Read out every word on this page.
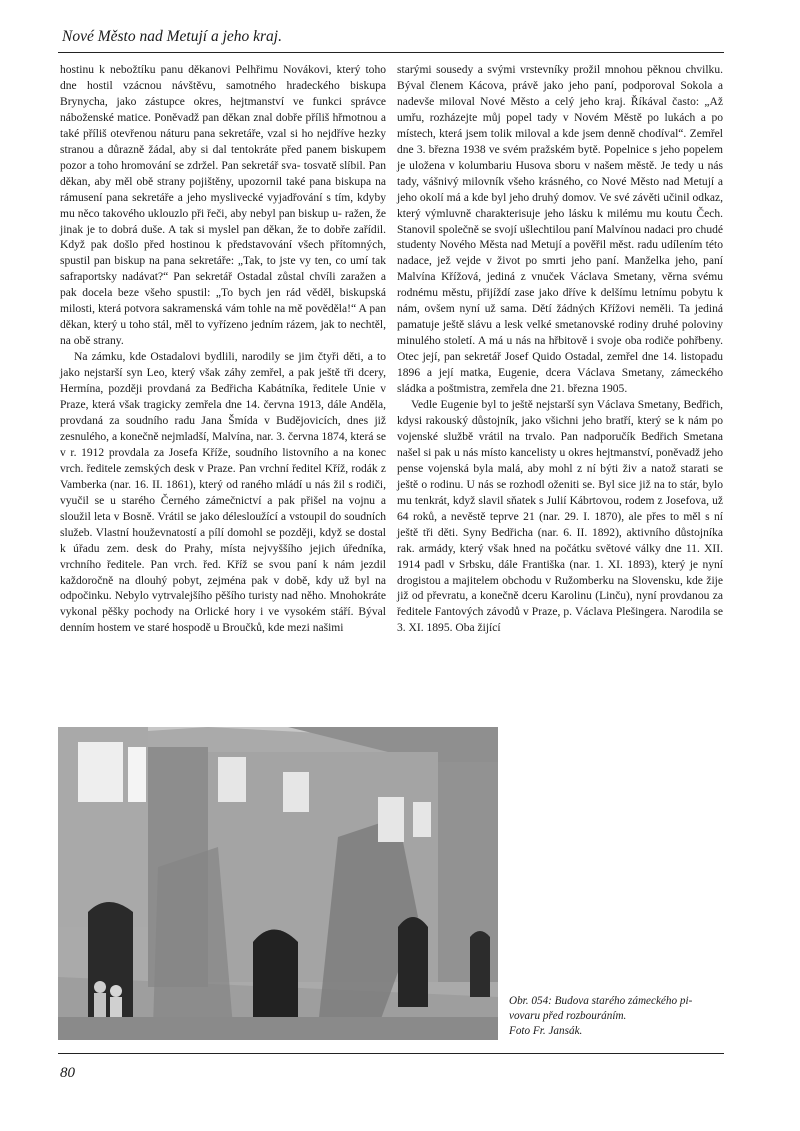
Nové Město nad Metují a jeho kraj.

hostinu k nebožtíku panu děkanovi Pelhřimu Novákovi, který toho dne hostil vzácnou návštěvu, samotného hradeckého biskupa Brynycha, jako zástupce okres, hejtmanství ve funkci správce náboženské matice. Poněvadž pan děkan znal dobře příliš hřmotnou a také příliš otevřenou náturu pana sekretáře, vzal si ho nejdříve hezky stranou a důrazně žádal, aby si dal tentokráte před panem biskupem pozor a toho hromování se zdržel. Pan sekretář sva- tosvatě slíbil. Pan děkan, aby měl obě strany pojištěny, upozornil také pana biskupa na rámusení pana sekretáře a jeho myslivecké vyjadřování s tím, kdyby mu něco takového uklouzlo při řeči, aby nebyl pan biskup u- ražen, že jinak je to dobrá duše. A tak si myslel pan děkan, že to dobře zařídil. Když pak došlo před hostinou k představování všech přítomných, spustil pan biskup na pana sekretáře: „Tak, to jste vy ten, co umí tak safraportsky nadávat?“ Pan sekretář Ostadal zůstal chvíli zaražen a pak docela beze všeho spustil: „To bych jen rád věděl, biskupská milosti, která potvora sakramenská vám tohle na mě pověděla!“ A pan děkan, který u toho stál, měl to vyřízeno jedním rázem, jak to nechtěl, na obě strany.

Na zámku, kde Ostadalovi bydlili, narodily se jim čtyři děti, a to jako nejstarší syn Leo, který však záhy zemřel, a pak ještě tři dcery, Hermína, později provdaná za Bedřicha Kabátníka, ředitele Unie v Praze, která však tragicky zemřela dne 14. června 1913, dále Anděla, provdaná za soudního radu Jana Šmída v Budějovicích, dnes již zesnulého, a konečně nejmladší, Malvína, nar. 3. června 1874, která se v r. 1912 provdala za Josefa Kříže, soudního listovního a na konec vrch. ředitele zemských desk v Praze. Pan vrchní ředitel Kříž, rodák z Vamberka (nar. 16. II. 1861), který od raného mládí u nás žil s rodiči, vyučil se u starého Černého zámečnictví a pak přišel na vojnu a sloužil leta v Bosně. Vrátil se jako délesloužící a vstoupil do soudních služeb. Vlastní houževnatostí a pílí domohl se později, když se dostal k úřadu zem. desk do Prahy, místa nejvyššího jejich úředníka, vrchního ředitele. Pan vrch. řed. Kříž se svou paní k nám jezdil každoročně na dlouhý pobyt, zejména pak v době, kdy už byl na odpočinku. Nebylo vytrvalejšího pěšího turisty nad něho. Mnohokráte vykonal pěšky pochody na Orlické hory i ve vysokém stáří. Býval denním hostem ve staré hospodě u Broučků, kde mezi našimi

starými sousedy a svými vrstevníky prožil mnohou pěknou chvilku. Býval členem Kácova, právě jako jeho paní, podporoval Sokola a nadevše miloval Nové Město a celý jeho kraj. Říkával často: „Až umřu, rozházejte můj popel tady v Novém Městě po lukách a po místech, která jsem tolik miloval a kde jsem denně chodíval“. Zemřel dne 3. března 1938 ve svém pražském bytě. Popelnice s jeho popelem je uložena v kolumbariu Husova sboru v našem městě. Je tedy u nás tady, vášnivý milovník všeho krásného, co Nové Město nad Metují a jeho okolí má a kde byl jeho druhý domov. Ve své závěti učinil odkaz, který výmluvně charakterisuje jeho lásku k milému mu koutu Čech. Stanovil společně se svojí ušlechtilou paní Malvínou nadaci pro chudé studenty Nového Města nad Metují a pověřil měst. radu udílením této nadace, jež vejde v život po smrti jeho paní. Manželka jeho, paní Malvína Křížová, jediná z vnuček Václava Smetany, věrna svému rodnému městu, přijíždí zase jako dříve k delšímu letnímu pobytu k nám, ovšem nyní už sama. Dětí žádných Křížovi neměli. Ta jediná pamatuje ještě slávu a lesk velké smetanovské rodiny druhé poloviny minulého století. A má u nás na hřbitově i svoje oba rodiče pohřbeny. Otec její, pan sekretář Josef Quido Ostadal, zemřel dne 14. listopadu 1896 a její matka, Eugenie, dcera Václava Smetany, zámeckého sládka a poštmistra, zemřela dne 21. března 1905.

Vedle Eugenie byl to ještě nejstarší syn Václava Smetany, Bedřich, kdysi rakouský důstojník, jako všichni jeho bratří, který se k nám po vojenské službě vrátil na trvalo. Pan nadporučík Bedřich Smetana našel si pak u nás místo kancelisty u okres hejtmanství, poněvadž jeho pense vojenská byla malá, aby mohl z ní býti živ a natož starati se ještě o rodinu. U nás se rozhodl oženiti se. Byl sice již na to stár, bylo mu tenkrát, když slavil sňatek s Julií Kábrtovou, rodem z Josefova, už 64 roků, a nevěstě teprve 21 (nar. 29. I. 1870), ale přes to měl s ní ještě tři děti. Syny Bedřicha (nar. 6. II. 1892), aktivního důstojníka rak. armády, který však hned na počátku světové války dne 11. XII. 1914 padl v Srbsku, dále Františka (nar. 1. XI. 1893), který je nyní drogistou a majitelem obchodu v Ružomberku na Slovensku, kde žije již od převratu, a konečně dceru Karolinu (Linču), nyní provdanou za ředitele Fantových závodů v Praze, p. Václava Plešingera. Narodila se 3. XI. 1895. Oba žijící

Obr. 054: Budova starého zámeckého pi-
vovaru před rozbouráním.
Foto Fr. Jansák.
80
